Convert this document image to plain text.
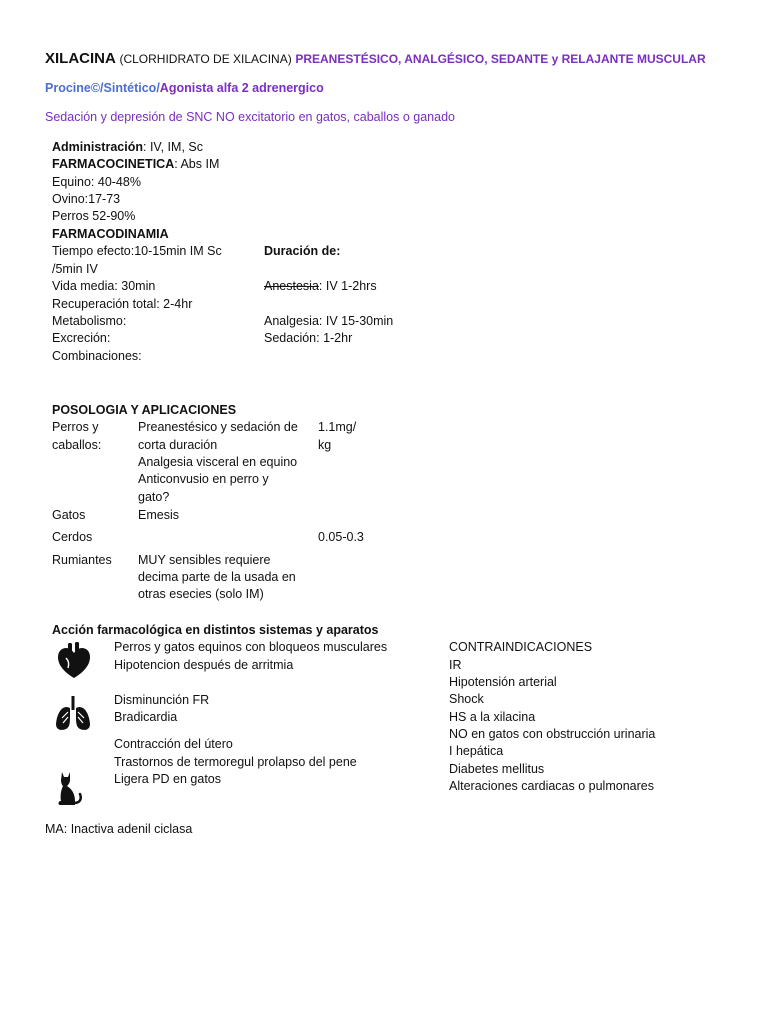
XILACINA (CLORHIDRATO DE XILACINA) PREANESTÉSICO, ANALGÉSICO, SEDANTE y RELAJANTE MUSCULAR
Procine©/Sintético/Agonista alfa 2 adrenergico
Sedación y depresión de SNC NO excitatorio en gatos, caballos o ganado
Administración: IV, IM, Sc
FARMACOCINETICA: Abs IM
Equino: 40-48%
Ovino:17-73
Perros 52-90%
FARMACODINAMIA
Tiempo efecto:10-15min IM Sc
/5min IV
Vida media: 30min
Recuperación total: 2-4hr
Metabolismo:
Excreción:
Combinaciones:
Duración de:
Anestesia: IV 1-2hrs
Analgesia: IV 15-30min
Sedación: 1-2hr
POSOLOGIA Y APLICACIONES
Perros y
caballos:
Preanestésico y sedación de
corta duración
Analgesia visceral en equino
Anticonvusio en perro y
gato?
1.1mg/
kg
Gatos	Emesis
Cerdos	0.05-0.3
Rumiantes MUY sensibles requiere
decima parte de la usada en
otras esecies (solo IM)
Acción farmacológica en distintos sistemas y aparatos
Perros y gatos equinos con bloqueos musculares
Hipotencion después de arritmia
Disminunción FR
Bradicardia
Contracción del útero
Trastornos de termoregul prolapso del pene
Ligera PD en gatos
CONTRAINDICACIONES
IR
Hipotensión arterial
Shock
HS a la xilacina
NO en gatos con obstrucción urinaria
I hepática
Diabetes mellitus
Alteraciones cardiacas o pulmonares
MA: Inactiva adenil ciclasa
